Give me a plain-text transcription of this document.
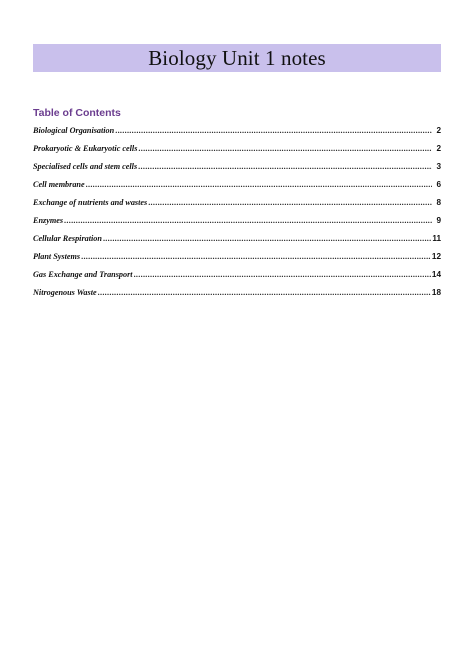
Biology Unit 1 notes
Table of Contents
Biological Organisation .....	2
Prokaryotic & Eukaryotic cells .....	2
Specialised cells and stem cells .....	3
Cell membrane .....	6
Exchange of nutrients and wastes .....	8
Enzymes .....	9
Cellular Respiration .....	11
Plant Systems .....	12
Gas Exchange and Transport .....	14
Nitrogenous Waste .....	18
